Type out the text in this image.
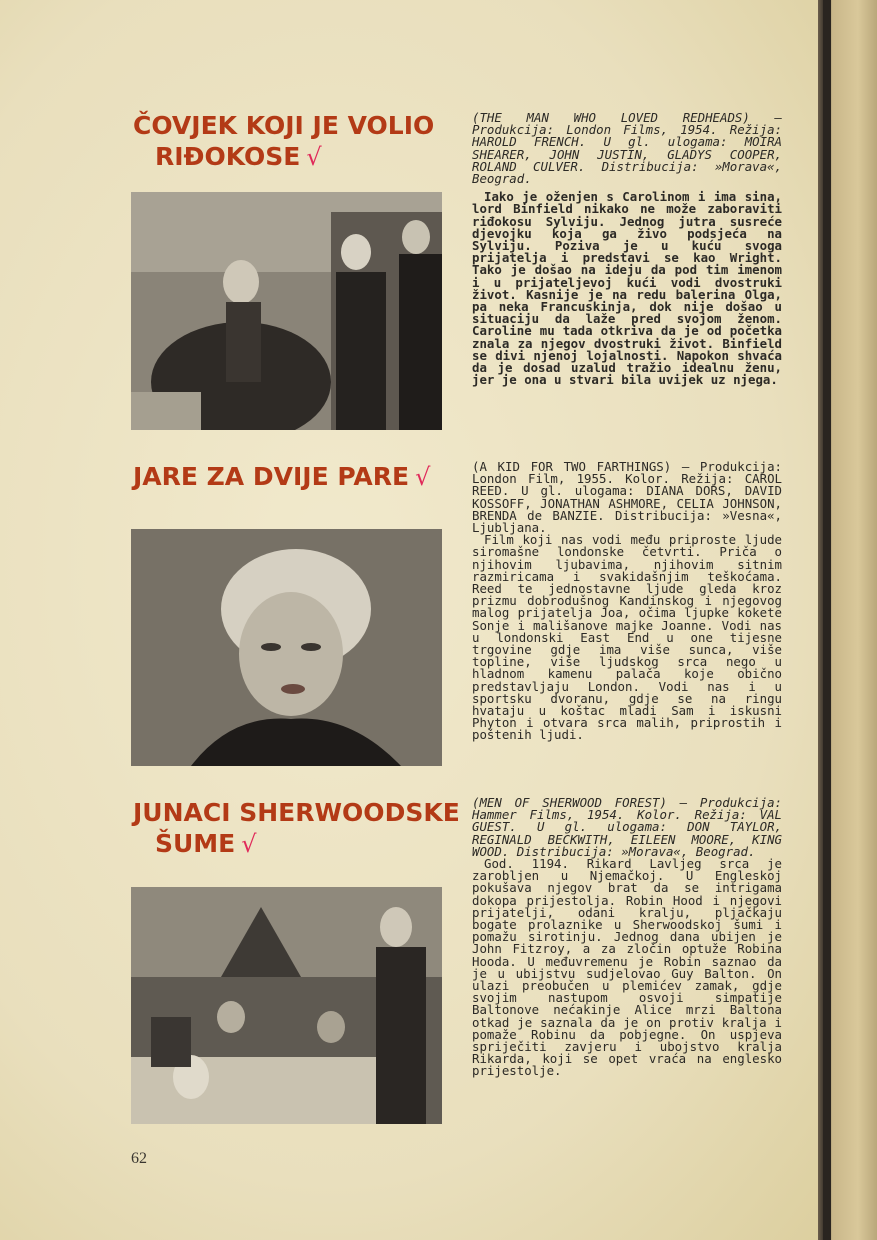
ČOVJEK KOJI JE VOLIO
RIĐOKOSE √

(THE MAN WHO LOVED REDHEADS) — Produkcija: London Films, 1954. Režija: HAROLD FRENCH. U gl. ulogama: MOIRA SHEARER, JOHN JUSTIN, GLADYS COOPER, ROLAND CULVER. Distribucija: »Morava«, Beograd.

Iako je oženjen s Carolinom i ima sina, lord Binfield nikako ne može zaboraviti riđokosu Sylviju. Jednog jutra susreće djevojku koja ga živo podsjeća na Sylviju. Poziva je u kuću svoga prijatelja i predstavi se kao Wright. Tako je došao na ideju da pod tim imenom i u prijateljevoj kući vodi dvostruki život. Kasnije je na redu balerina Olga, pa neka Francuskinja, dok nije došao u situaciju da laže pred svojom ženom. Caroline mu tada otkriva da je od početka znala za njegov dvostruki život. Binfield se divi njenoj lojalnosti. Napokon shvaća da je dosad uzalud tražio idealnu ženu, jer je ona u stvari bila uvijek uz njega.

JARE ZA DVIJE PARE √	(A KID FOR TWO FARTHINGS) — Produkcija: London Film, 1955. Kolor. Režija: CAROL REED. U gl. ulogama: DIANA DORS, DAVID KOSSOFF, JONATHAN ASHMORE, CELIA JOHNSON, BRENDA de BANZIE. Distribucija: »Vesna«, Ljubljana.

Film koji nas vodi među priproste ljude siromašne londonske četvrti. Priča o njihovim ljubavima, njihovim sitnim razmiricama i svakidašnjim teškoćama. Reed te jednostavne ljude gleda kroz prizmu dobrodušnog Kandinskog i njegovog malog prijatelja Joa, očima ljupke kokete Sonje i mališanove majke Joanne. Vodi nas u londonski East End u one tijesne trgovine gdje ima više sunca, više topline, više ljudskog srca nego u hladnom kamenu palača koje obično predstavljaju London. Vodi nas i u sportsku dvoranu, gdje se na ringu hvataju u koštac mladi Sam i iskusni Phyton i otvara srca malih, priprostih i poštenih ljudi.

JUNACI SHERWOODSKE
ŠUME √

(MEN OF SHERWOOD FOREST) — Produkcija: Hammer Films, 1954. Kolor. Režija: VAL GUEST. U gl. ulogama: DON TAYLOR, REGINALD BECKWITH, EILEEN MOORE, KING WOOD. Distribucija: »Morava«, Beograd.

God. 1194. Rikard Lavljeg srca je zarobljen u Njemačkoj. U Engleskoj pokušava njegov brat da se intrigama dokopa prijestolja. Robin Hood i njegovi prijatelji, odani kralju, pljačkaju bogate prolaznike u Sherwoodskoj šumi i pomažu sirotinju. Jednog dana ubijen je John Fitzroy, a za zločin optuže Robina Hooda. U međuvremenu je Robin saznao da je u ubijstvu sudjelovao Guy Balton. On ulazi preobučen u plemićev zamak, gdje svojim nastupom osvoji simpatije Baltonove nećakinje Alice mrzi Baltona otkad je saznala da je on protiv kralja i pomaže Robinu da pobjegne. On uspjeva spriječiti zavjeru i ubojstvo kralja Rikarda, koji se opet vraća na englesko prijestolje.

62
